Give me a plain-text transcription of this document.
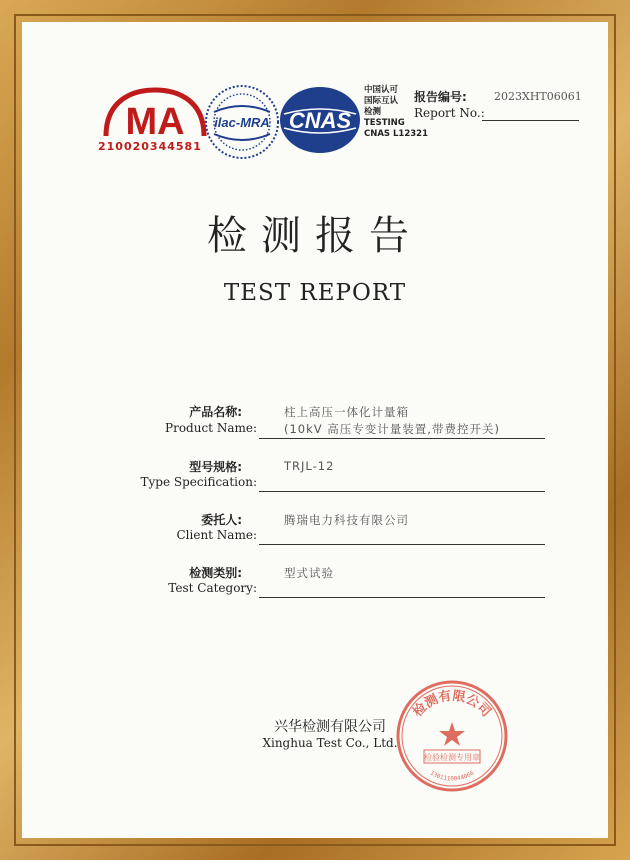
MA
210020344581
ilac-MRA CNAS
中国认可
国际互认
检测
TESTING
CNAS L12321
报告编号: 2023XHT06061
Report No.:
检测报告
TEST REPORT
产品名称:	柱上高压一体化计量箱
Product Name: (10kV 高压专变计量装置,带费控开关)
型号规格:	TRJL-12
Type Specification:
委托人:	腾瑞电力科技有限公司
Client Name:
检测类别:	型式试验
Test Category:
兴华检测有限公司
Xinghua Test Co., Ltd.
检测有限公司
检验检测专用章
1301110044066
